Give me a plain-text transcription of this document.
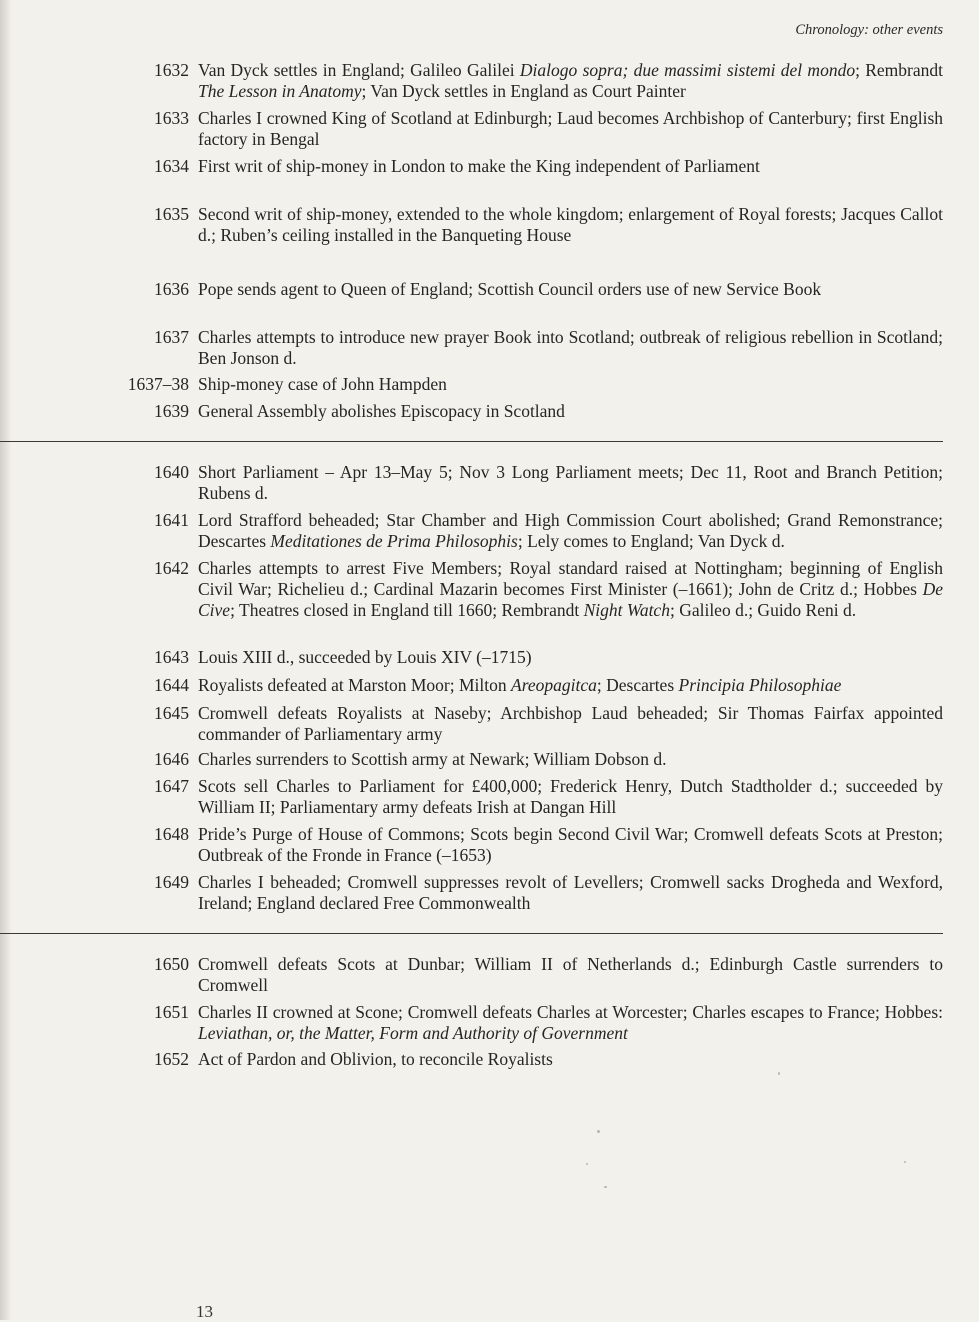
Chronology: other events
1632 Van Dyck settles in England; Galileo Galilei Dialogo sopra; due massimi sistemi del mondo; Rembrandt The Lesson in Anatomy; Van Dyck settles in England as Court Painter
1633 Charles I crowned King of Scotland at Edinburgh; Laud becomes Archbishop of Canterbury; first English factory in Bengal
1634 First writ of ship-money in London to make the King independent of Parliament
1635 Second writ of ship-money, extended to the whole kingdom; enlargement of Royal forests; Jacques Callot d.; Ruben’s ceiling installed in the Banqueting House
1636 Pope sends agent to Queen of England; Scottish Council orders use of new Service Book
1637 Charles attempts to introduce new prayer Book into Scotland; outbreak of religious rebellion in Scotland; Ben Jonson d.
1637–38 Ship-money case of John Hampden
1639 General Assembly abolishes Episcopacy in Scotland
1640 Short Parliament – Apr 13–May 5; Nov 3 Long Parliament meets; Dec 11, Root and Branch Petition; Rubens d.
1641 Lord Strafford beheaded; Star Chamber and High Commission Court abolished; Grand Remonstrance; Descartes Meditationes de Prima Philosophis; Lely comes to England; Van Dyck d.
1642 Charles attempts to arrest Five Members; Royal standard raised at Nottingham; beginning of English Civil War; Richelieu d.; Cardinal Mazarin becomes First Minister (–1661); John de Critz d.; Hobbes De Cive; Theatres closed in England till 1660; Rembrandt Night Watch; Galileo d.; Guido Reni d.
1643 Louis XIII d., succeeded by Louis XIV (–1715)
1644 Royalists defeated at Marston Moor; Milton Areopagitca; Descartes Principia Philosophiae
1645 Cromwell defeats Royalists at Naseby; Archbishop Laud beheaded; Sir Thomas Fairfax appointed commander of Parliamentary army
1646 Charles surrenders to Scottish army at Newark; William Dobson d.
1647 Scots sell Charles to Parliament for £400,000; Frederick Henry, Dutch Stadtholder d.; succeeded by William II; Parliamentary army defeats Irish at Dangan Hill
1648 Pride’s Purge of House of Commons; Scots begin Second Civil War; Cromwell defeats Scots at Preston; Outbreak of the Fronde in France (–1653)
1649 Charles I beheaded; Cromwell suppresses revolt of Levellers; Cromwell sacks Drogheda and Wexford, Ireland; England declared Free Commonwealth
1650 Cromwell defeats Scots at Dunbar; William II of Netherlands d.; Edinburgh Castle surrenders to Cromwell
1651 Charles II crowned at Scone; Cromwell defeats Charles at Worcester; Charles escapes to France; Hobbes: Leviathan, or, the Matter, Form and Authority of Government
1652 Act of Pardon and Oblivion, to reconcile Royalists
13
